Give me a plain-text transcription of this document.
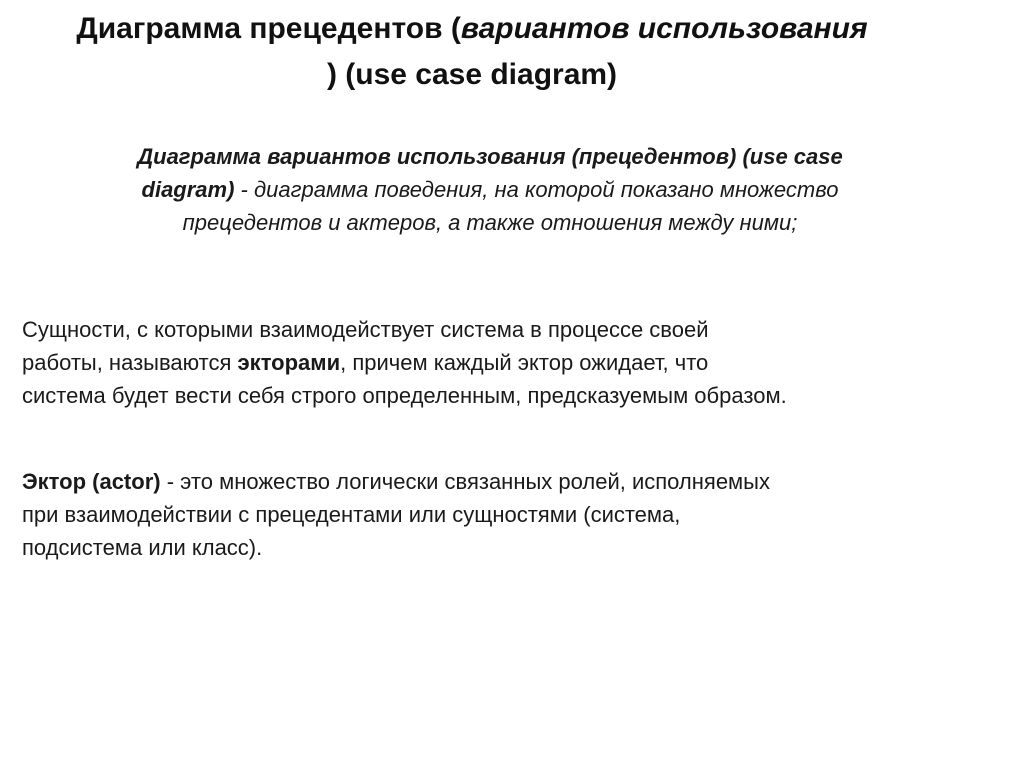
Диаграмма прецедентов (вариантов использования
) (use case diagram)
Диаграмма вариантов использования (прецедентов) (use case
diagram) - диаграмма поведения, на которой показано множество
прецедентов и актеров, а также отношения между ними;
Сущности, с которыми взаимодействует система в процессе своей
работы, называются экторами, причем каждый эктор ожидает, что
система будет вести себя строго определенным, предсказуемым образом.
Эктор (actor) - это множество логически связанных ролей, исполняемых
при взаимодействии с прецедентами или сущностями (система,
подсистема или класс).
